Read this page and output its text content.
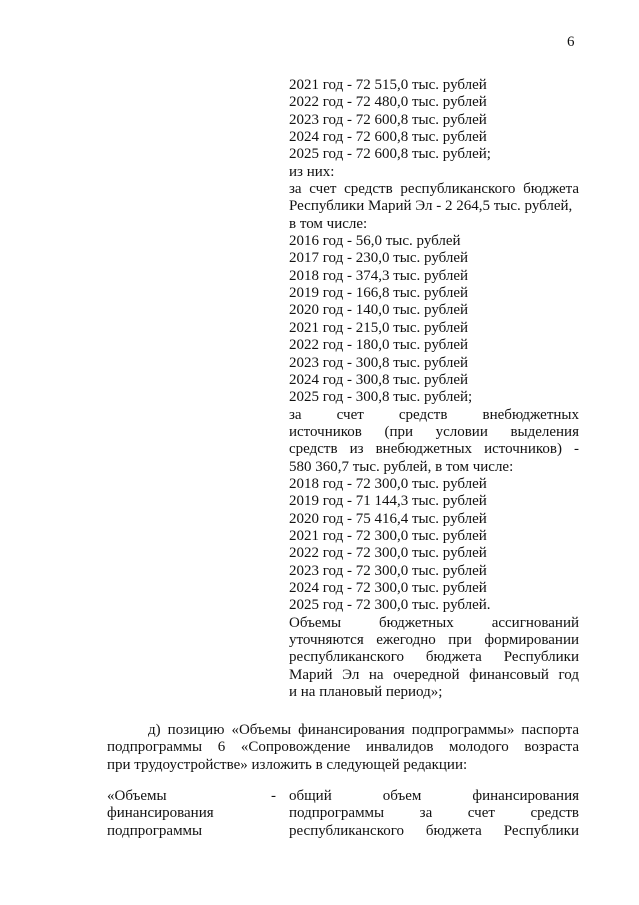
6
2021 год - 72 515,0 тыс. рублей
2022 год - 72 480,0 тыс. рублей
2023 год - 72 600,8 тыс. рублей
2024 год - 72 600,8 тыс. рублей
2025 год - 72 600,8 тыс. рублей;
из них:
за счет средств республиканского бюджета
Республики Марий Эл - 2 264,5 тыс. рублей,
в том числе:
2016 год - 56,0 тыс. рублей
2017 год - 230,0 тыс. рублей
2018 год - 374,3 тыс. рублей
2019 год - 166,8 тыс. рублей
2020 год - 140,0 тыс. рублей
2021 год - 215,0 тыс. рублей
2022 год - 180,0 тыс. рублей
2023 год - 300,8 тыс. рублей
2024 год - 300,8 тыс. рублей
2025 год - 300,8 тыс. рублей;
за счет средств внебюджетных
источников (при условии выделения
средств из внебюджетных источников) -
580 360,7 тыс. рублей, в том числе:
2018 год - 72 300,0 тыс. рублей
2019 год - 71 144,3 тыс. рублей
2020 год - 75 416,4 тыс. рублей
2021 год - 72 300,0 тыс. рублей
2022 год - 72 300,0 тыс. рублей
2023 год - 72 300,0 тыс. рублей
2024 год - 72 300,0 тыс. рублей
2025 год - 72 300,0 тыс. рублей.
Объемы бюджетных ассигнований
уточняются ежегодно при формировании
республиканского бюджета Республики
Марий Эл на очередной финансовый год
и на плановый период»;
д) позицию «Объемы финансирования подпрограммы» паспорта
подпрограммы 6 «Сопровождение инвалидов молодого возраста
при трудоустройстве» изложить в следующей редакции:
«Объемы
финансирования
подпрограммы
- общий объем финансирования
подпрограммы за счет средств
республиканского бюджета Республики
